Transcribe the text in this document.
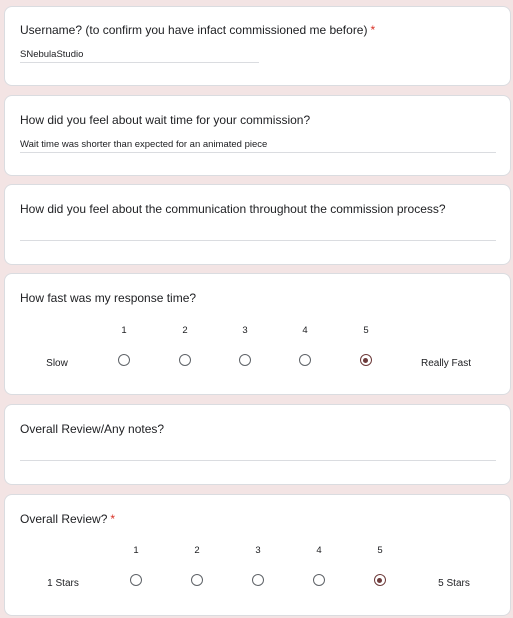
Username? (to confirm you have infact commissioned me before) *
SNebulaStudio
How did you feel about wait time for your commission?
Wait time was shorter than expected for an animated piece
How did you feel about the communication throughout the commission process?
How fast was my response time?
1	2	3	4	5
Slow	Really Fast
Overall Review/Any notes?
Overall Review? *
1	2	3	4	5
1 Stars	5 Stars
